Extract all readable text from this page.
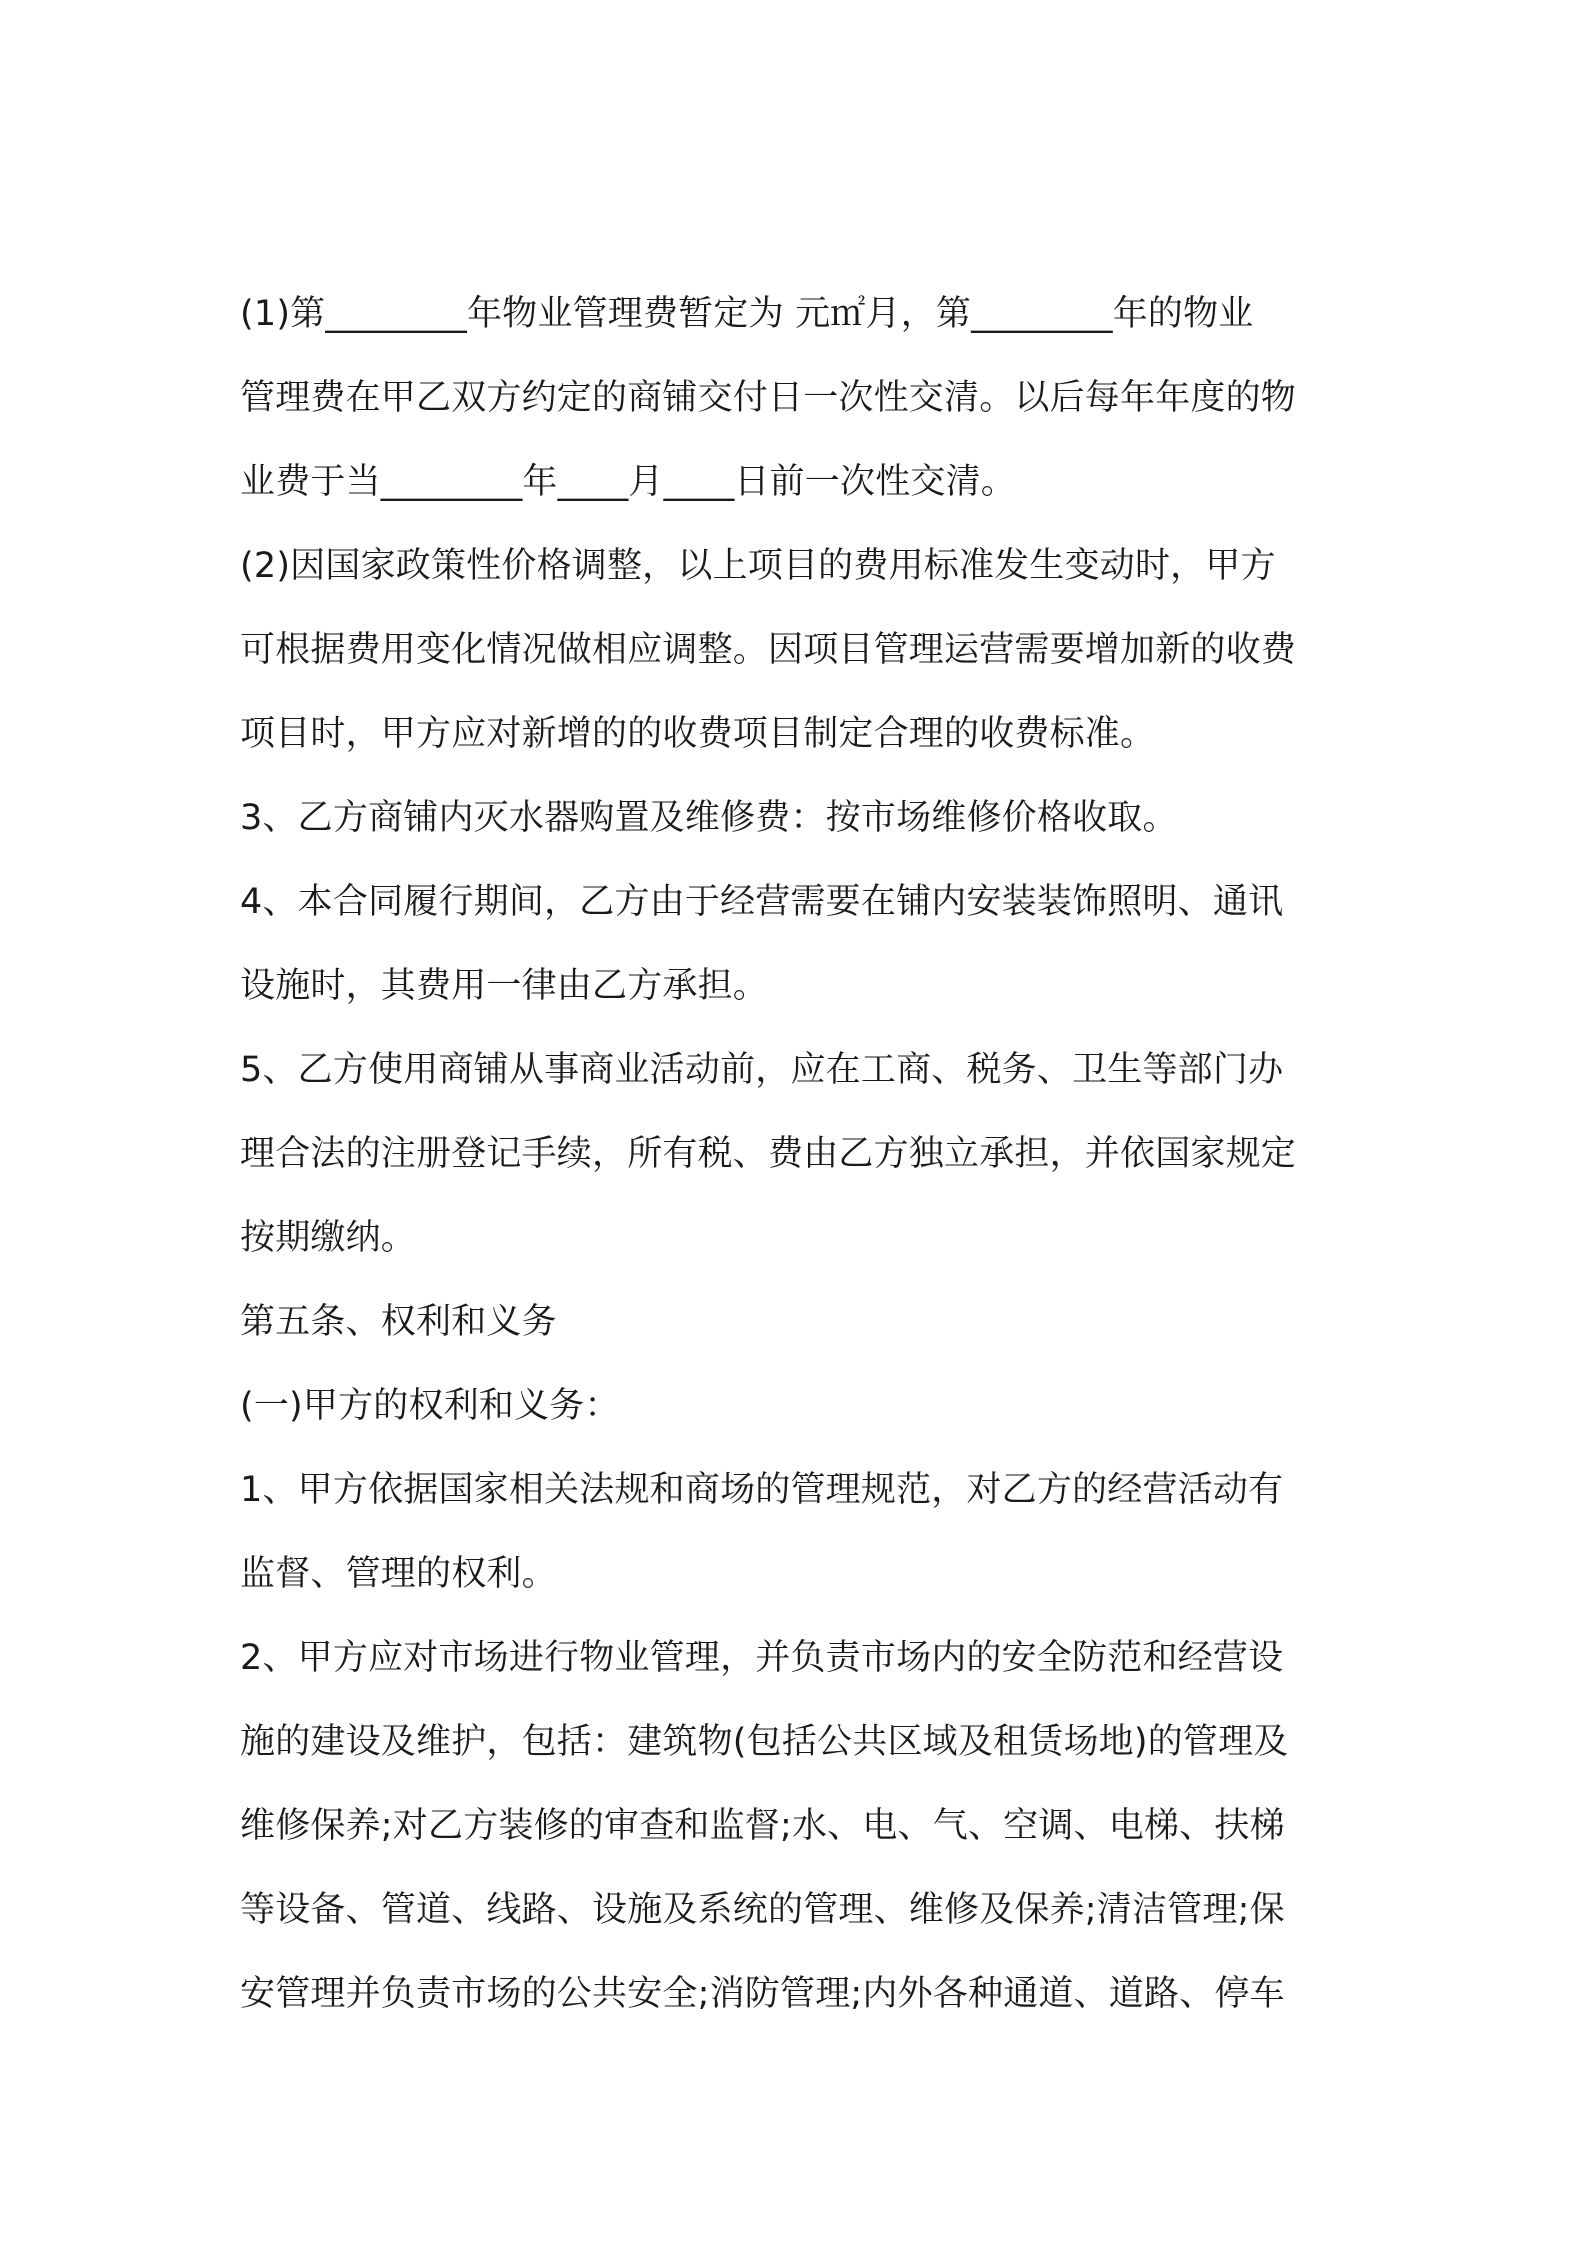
(1)第________年物业管理费暂定为 元㎡月，第________年的物业
管理费在甲乙双方约定的商铺交付日一次性交清。以后每年年度的物
业费于当________年____月____日前一次性交清。
(2)因国家政策性价格调整，以上项目的费用标准发生变动时，甲方
可根据费用变化情况做相应调整。因项目管理运营需要增加新的收费
项目时，甲方应对新增的的收费项目制定合理的收费标准。
3、乙方商铺内灭水器购置及维修费：按市场维修价格收取。
4、本合同履行期间，乙方由于经营需要在铺内安装装饰照明、通讯
设施时，其费用一律由乙方承担。
5、乙方使用商铺从事商业活动前，应在工商、税务、卫生等部门办
理合法的注册登记手续，所有税、费由乙方独立承担，并依国家规定
按期缴纳。
第五条、权利和义务
(一)甲方的权利和义务：
1、甲方依据国家相关法规和商场的管理规范，对乙方的经营活动有
监督、管理的权利。
2、甲方应对市场进行物业管理，并负责市场内的安全防范和经营设
施的建设及维护，包括：建筑物(包括公共区域及租赁场地)的管理及
维修保养;对乙方装修的审查和监督;水、电、气、空调、电梯、扶梯
等设备、管道、线路、设施及系统的管理、维修及保养;清洁管理;保
安管理并负责市场的公共安全;消防管理;内外各种通道、道路、停车
